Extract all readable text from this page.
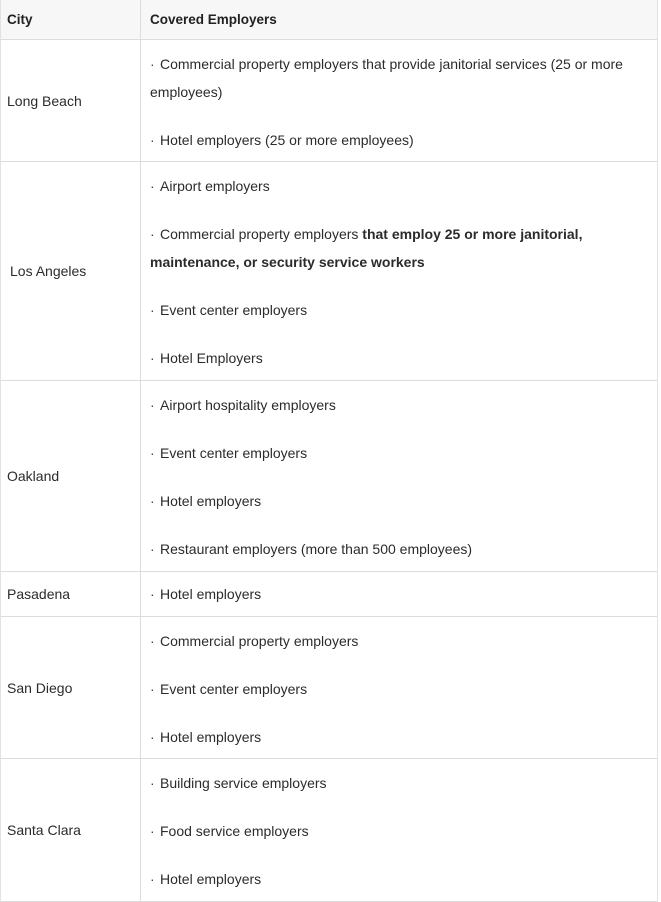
City	Covered Employers
Long Beach
· Commercial property employers that provide janitorial services (25 or more employees)
· Hotel employers (25 or more employees)
Los Angeles
· Airport employers
· Commercial property employers that employ 25 or more janitorial, maintenance, or security service workers
· Event center employers
· Hotel Employers
Oakland
· Airport hospitality employers
· Event center employers
· Hotel employers
· Restaurant employers (more than 500 employees)
Pasadena	· Hotel employers
San Diego
· Commercial property employers
· Event center employers
· Hotel employers
Santa Clara
· Building service employers
· Food service employers
· Hotel employers
